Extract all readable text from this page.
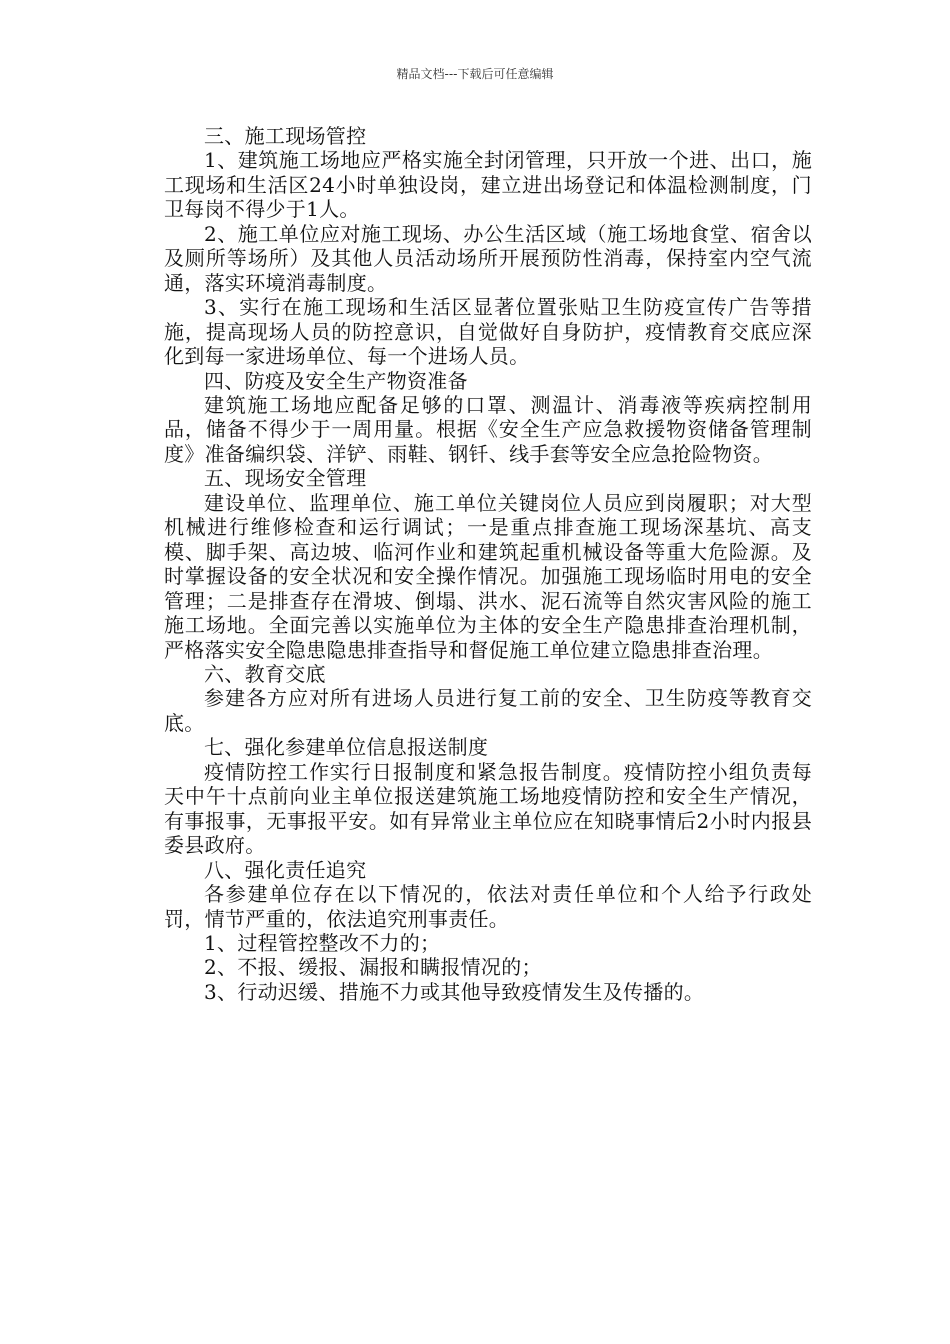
精品文档---下载后可任意编辑

三、施工现场管控

1、建筑施工场地应严格实施全封闭管理，只开放一个进、出口，施工现场和生活区24小时单独设岗，建立进出场登记和体温检测制度，门卫每岗不得少于1人。

2、施工单位应对施工现场、办公生活区域（施工场地食堂、宿舍以及厕所等场所）及其他人员活动场所开展预防性消毒，保持室内空气流通，落实环境消毒制度。

3、实行在施工现场和生活区显著位置张贴卫生防疫宣传广告等措施，提高现场人员的防控意识，自觉做好自身防护，疫情教育交底应深化到每一家进场单位、每一个进场人员。

四、防疫及安全生产物资准备

建筑施工场地应配备足够的口罩、测温计、消毒液等疾病控制用品，储备不得少于一周用量。根据《安全生产应急救援物资储备管理制度》准备编织袋、洋铲、雨鞋、钢钎、线手套等安全应急抢险物资。

五、现场安全管理

建设单位、监理单位、施工单位关键岗位人员应到岗履职；对大型机械进行维修检查和运行调试；一是重点排查施工现场深基坑、高支模、脚手架、高边坡、临河作业和建筑起重机械设备等重大危险源。及时掌握设备的安全状况和安全操作情况。加强施工现场临时用电的安全管理；二是排查存在滑坡、倒塌、洪水、泥石流等自然灾害风险的施工施工场地。全面完善以实施单位为主体的安全生产隐患排查治理机制，严格落实安全隐患隐患排查指导和督促施工单位建立隐患排查治理。

六、教育交底

参建各方应对所有进场人员进行复工前的安全、卫生防疫等教育交底。

七、强化参建单位信息报送制度

疫情防控工作实行日报制度和紧急报告制度。疫情防控小组负责每天中午十点前向业主单位报送建筑施工场地疫情防控和安全生产情况，有事报事，无事报平安。如有异常业主单位应在知晓事情后2小时内报县委县政府。

八、强化责任追究

各参建单位存在以下情况的，依法对责任单位和个人给予行政处罚，情节严重的，依法追究刑事责任。

1、过程管控整改不力的；

2、不报、缓报、漏报和瞒报情况的；

3、行动迟缓、措施不力或其他导致疫情发生及传播的。
